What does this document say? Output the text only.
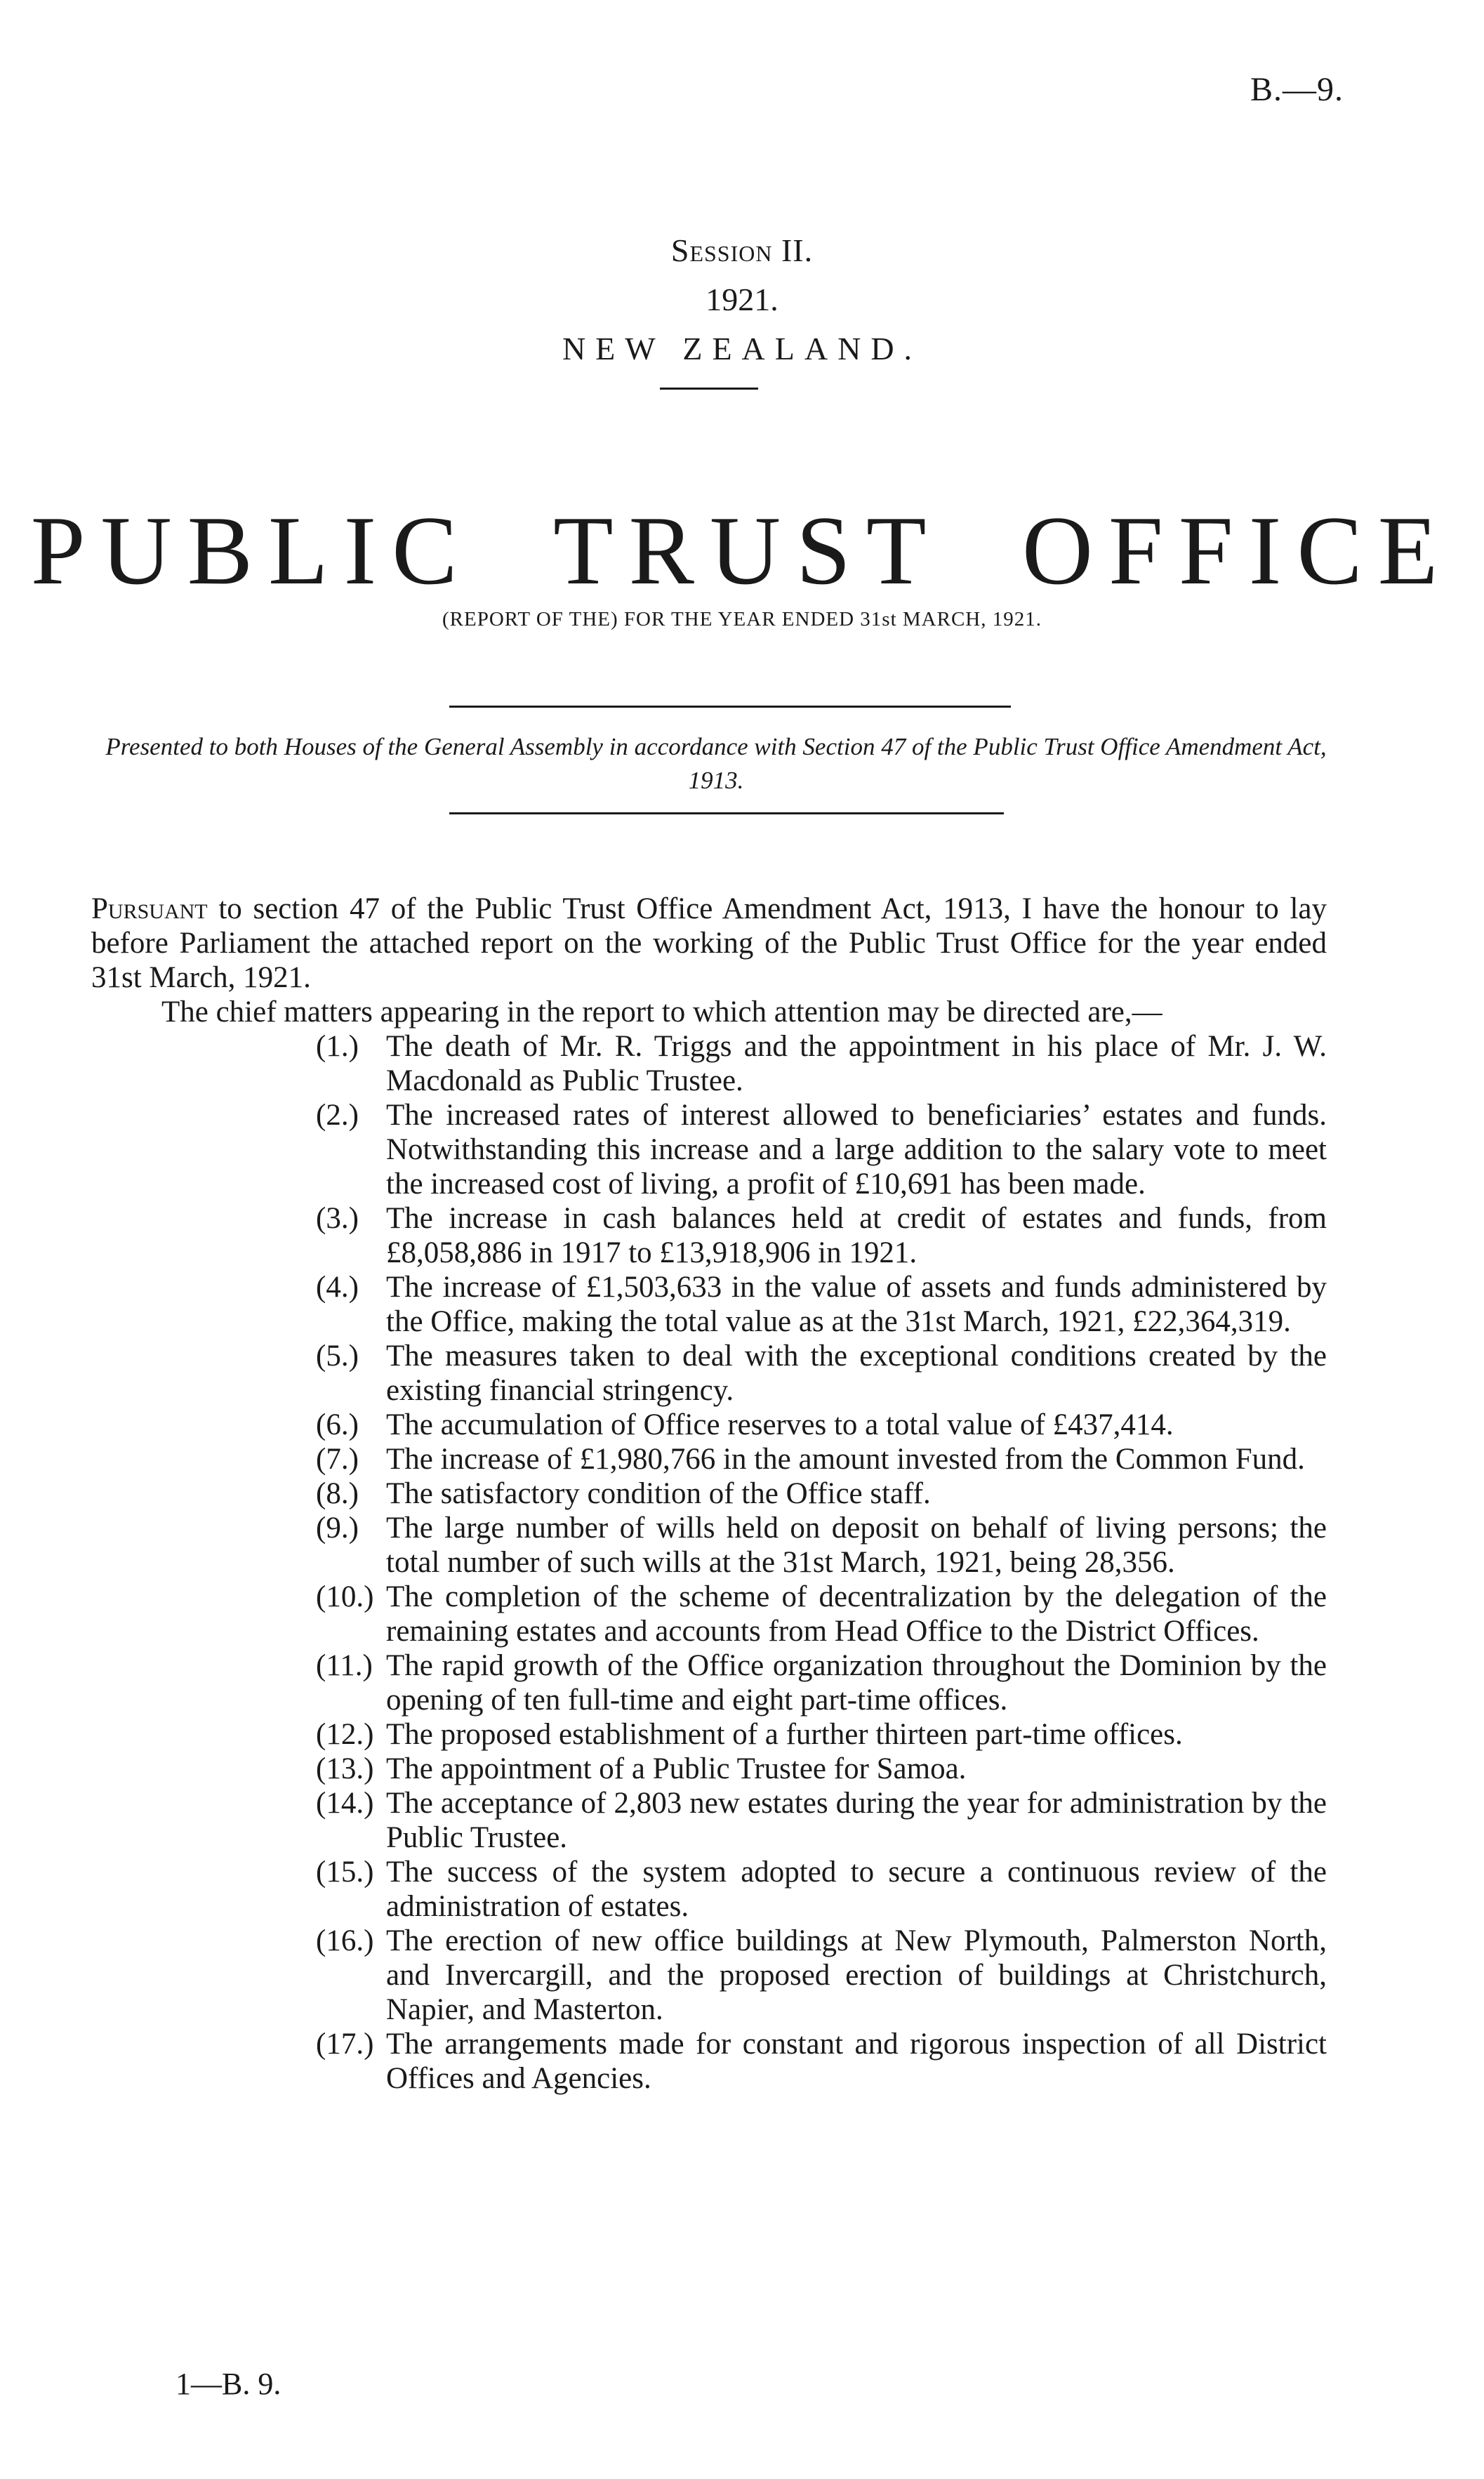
B.—9.
Session II.
1921.
NEW ZEALAND.
PUBLIC TRUST OFFICE
(REPORT OF THE) FOR THE YEAR ENDED 31st MARCH, 1921.
Presented to both Houses of the General Assembly in accordance with Section 47 of the Public Trust Office Amendment Act, 1913.

Pursuant to section 47 of the Public Trust Office Amendment Act, 1913, I have the honour to lay before Parliament the attached report on the working of the Public Trust Office for the year ended 31st March, 1921.

The chief matters appearing in the report to which attention may be directed are,—

(1.) The death of Mr. R. Triggs and the appointment in his place of Mr. J. W. Macdonald as Public Trustee.
(2.) The increased rates of interest allowed to beneficiaries’ estates and funds. Notwithstanding this increase and a large addition to the salary vote to meet the increased cost of living, a profit of £10,691 has been made.
(3.) The increase in cash balances held at credit of estates and funds, from £8,058,886 in 1917 to £13,918,906 in 1921.
(4.) The increase of £1,503,633 in the value of assets and funds administered by the Office, making the total value as at the 31st March, 1921, £22,364,319.
(5.) The measures taken to deal with the exceptional conditions created by the existing financial stringency.
(6.) The accumulation of Office reserves to a total value of £437,414.
(7.) The increase of £1,980,766 in the amount invested from the Common Fund.
(8.) The satisfactory condition of the Office staff.
(9.) The large number of wills held on deposit on behalf of living persons; the total number of such wills at the 31st March, 1921, being 28,356.
(10.) The completion of the scheme of decentralization by the delegation of the remaining estates and accounts from Head Office to the District Offices.
(11.) The rapid growth of the Office organization throughout the Dominion by the opening of ten full-time and eight part-time offices.
(12.) The proposed establishment of a further thirteen part-time offices.
(13.) The appointment of a Public Trustee for Samoa.
(14.) The acceptance of 2,803 new estates during the year for administration by the Public Trustee.
(15.) The success of the system adopted to secure a continuous review of the administration of estates.
(16.) The erection of new office buildings at New Plymouth, Palmerston North, and Invercargill, and the proposed erection of buildings at Christchurch, Napier, and Masterton.
(17.) The arrangements made for constant and rigorous inspection of all District Offices and Agencies.
1—B. 9.
